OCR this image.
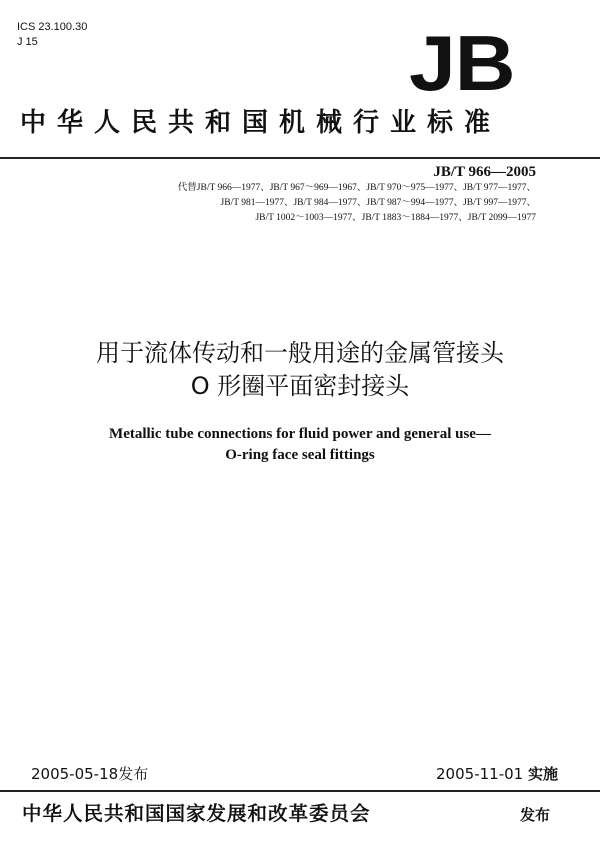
ICS 23.100.30
J 15	JB
中华人民共和国机械行业标准
JB/T 966—2005
代替JB/T 966—1977、JB/T 967～969—1967、JB/T 970～975—1977、JB/T 977—1977、
JB/T 981—1977、JB/T 984—1977、JB/T 987～994—1977、JB/T 997—1977、
JB/T 1002～1003—1977、JB/T 1883～1884—1977、JB/T 2099—1977
用于流体传动和一般用途的金属管接头
O 形圈平面密封接头
Metallic tube connections for fluid power and general use—
O-ring face seal fittings
2005-05-18发布	2005-11-01 实施
中华人民共和国国家发展和改革委员会	发布
